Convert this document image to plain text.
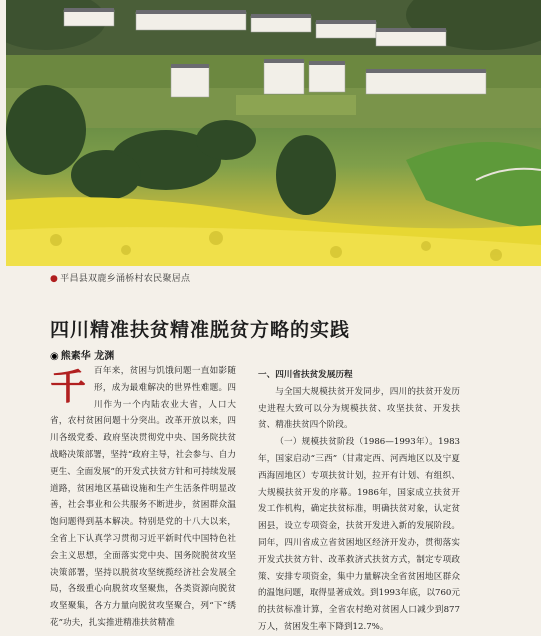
● 平昌县双鹿乡涌桥村农民聚居点
四川精准扶贫精准脱贫方略的实践
◉ 熊素华 龙渊
千 百年来，贫困与饥饿问题一直如影随形，成为最难解决的世界性难题。四川作为一个内陆农业大省，人口大省，农村贫困问题十分突出。改革开放以来，四川各级党委、政府坚决贯彻党中央、国务院扶贫战略决策部署，坚持“政府主导，社会参与、自力更生、全面发展”的开发式扶贫方针和可持续发展道路，贫困地区基础设施和生产生活条件明显改善，社会事业和公共服务不断进步，贫困群众温饱问题得到基本解决。特别是党的十八大以来，全省上下认真学习贯彻习近平新时代中国特色社会主义思想，全面落实党中央、国务院脱贫攻坚决策部署，坚持以脱贫攻坚统揽经济社会发展全局，各级重心向脱贫攻坚聚焦，各类资源向脱贫攻坚聚集，各方力量向脱贫攻坚聚合，列“下”绣花”功夫，扎实推进精准扶贫精准

一、四川省扶贫发展历程

与全国大规模扶贫开发同步，四川的扶贫开发历史进程大致可以分为规模扶贫、攻坚扶贫、开发扶贫、精准扶贫四个阶段。

（一）规模扶贫阶段（1986—1993年）。1983年，国家启动“三西”（甘肃定西、河西地区以及宁夏西海固地区）专项扶贫计划，拉开有计划、有组织、大规模扶贫开发的序幕。1986年，国家成立扶贫开发工作机构，确定扶贫标准，明确扶贫对象，认定贫困县，设立专项资金，扶贫开发进入新的发展阶段。同年，四川省成立省贫困地区经济开发办，贯彻落实开发式扶贫方针、改革救济式扶贫方式，制定专项政策、安排专项资金，集中力量解决全省贫困地区群众的温饱问题，取得显著成效。到1993年底，以760元的扶贫标准计算，全省农村绝对贫困人口减少到877万人，贫困发生率下降到12.7%。
